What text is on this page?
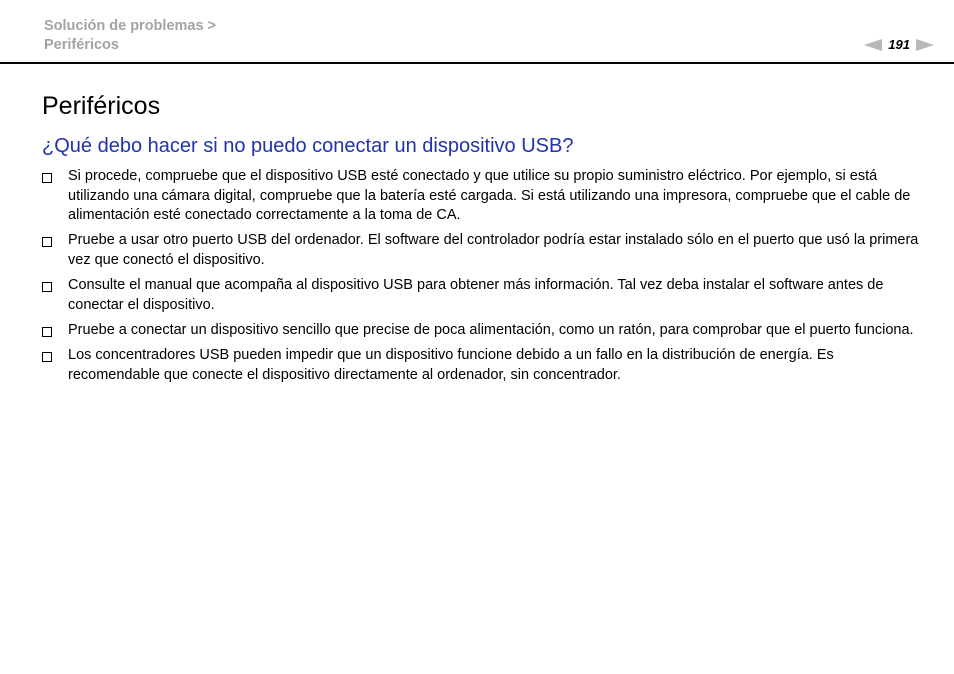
Solución de problemas >
Periféricos	191
Periféricos
¿Qué debo hacer si no puedo conectar un dispositivo USB?
Si procede, compruebe que el dispositivo USB esté conectado y que utilice su propio suministro eléctrico. Por ejemplo, si está utilizando una cámara digital, compruebe que la batería esté cargada. Si está utilizando una impresora, compruebe que el cable de alimentación esté conectado correctamente a la toma de CA.
Pruebe a usar otro puerto USB del ordenador. El software del controlador podría estar instalado sólo en el puerto que usó la primera vez que conectó el dispositivo.
Consulte el manual que acompaña al dispositivo USB para obtener más información. Tal vez deba instalar el software antes de conectar el dispositivo.
Pruebe a conectar un dispositivo sencillo que precise de poca alimentación, como un ratón, para comprobar que el puerto funciona.
Los concentradores USB pueden impedir que un dispositivo funcione debido a un fallo en la distribución de energía. Es recomendable que conecte el dispositivo directamente al ordenador, sin concentrador.
